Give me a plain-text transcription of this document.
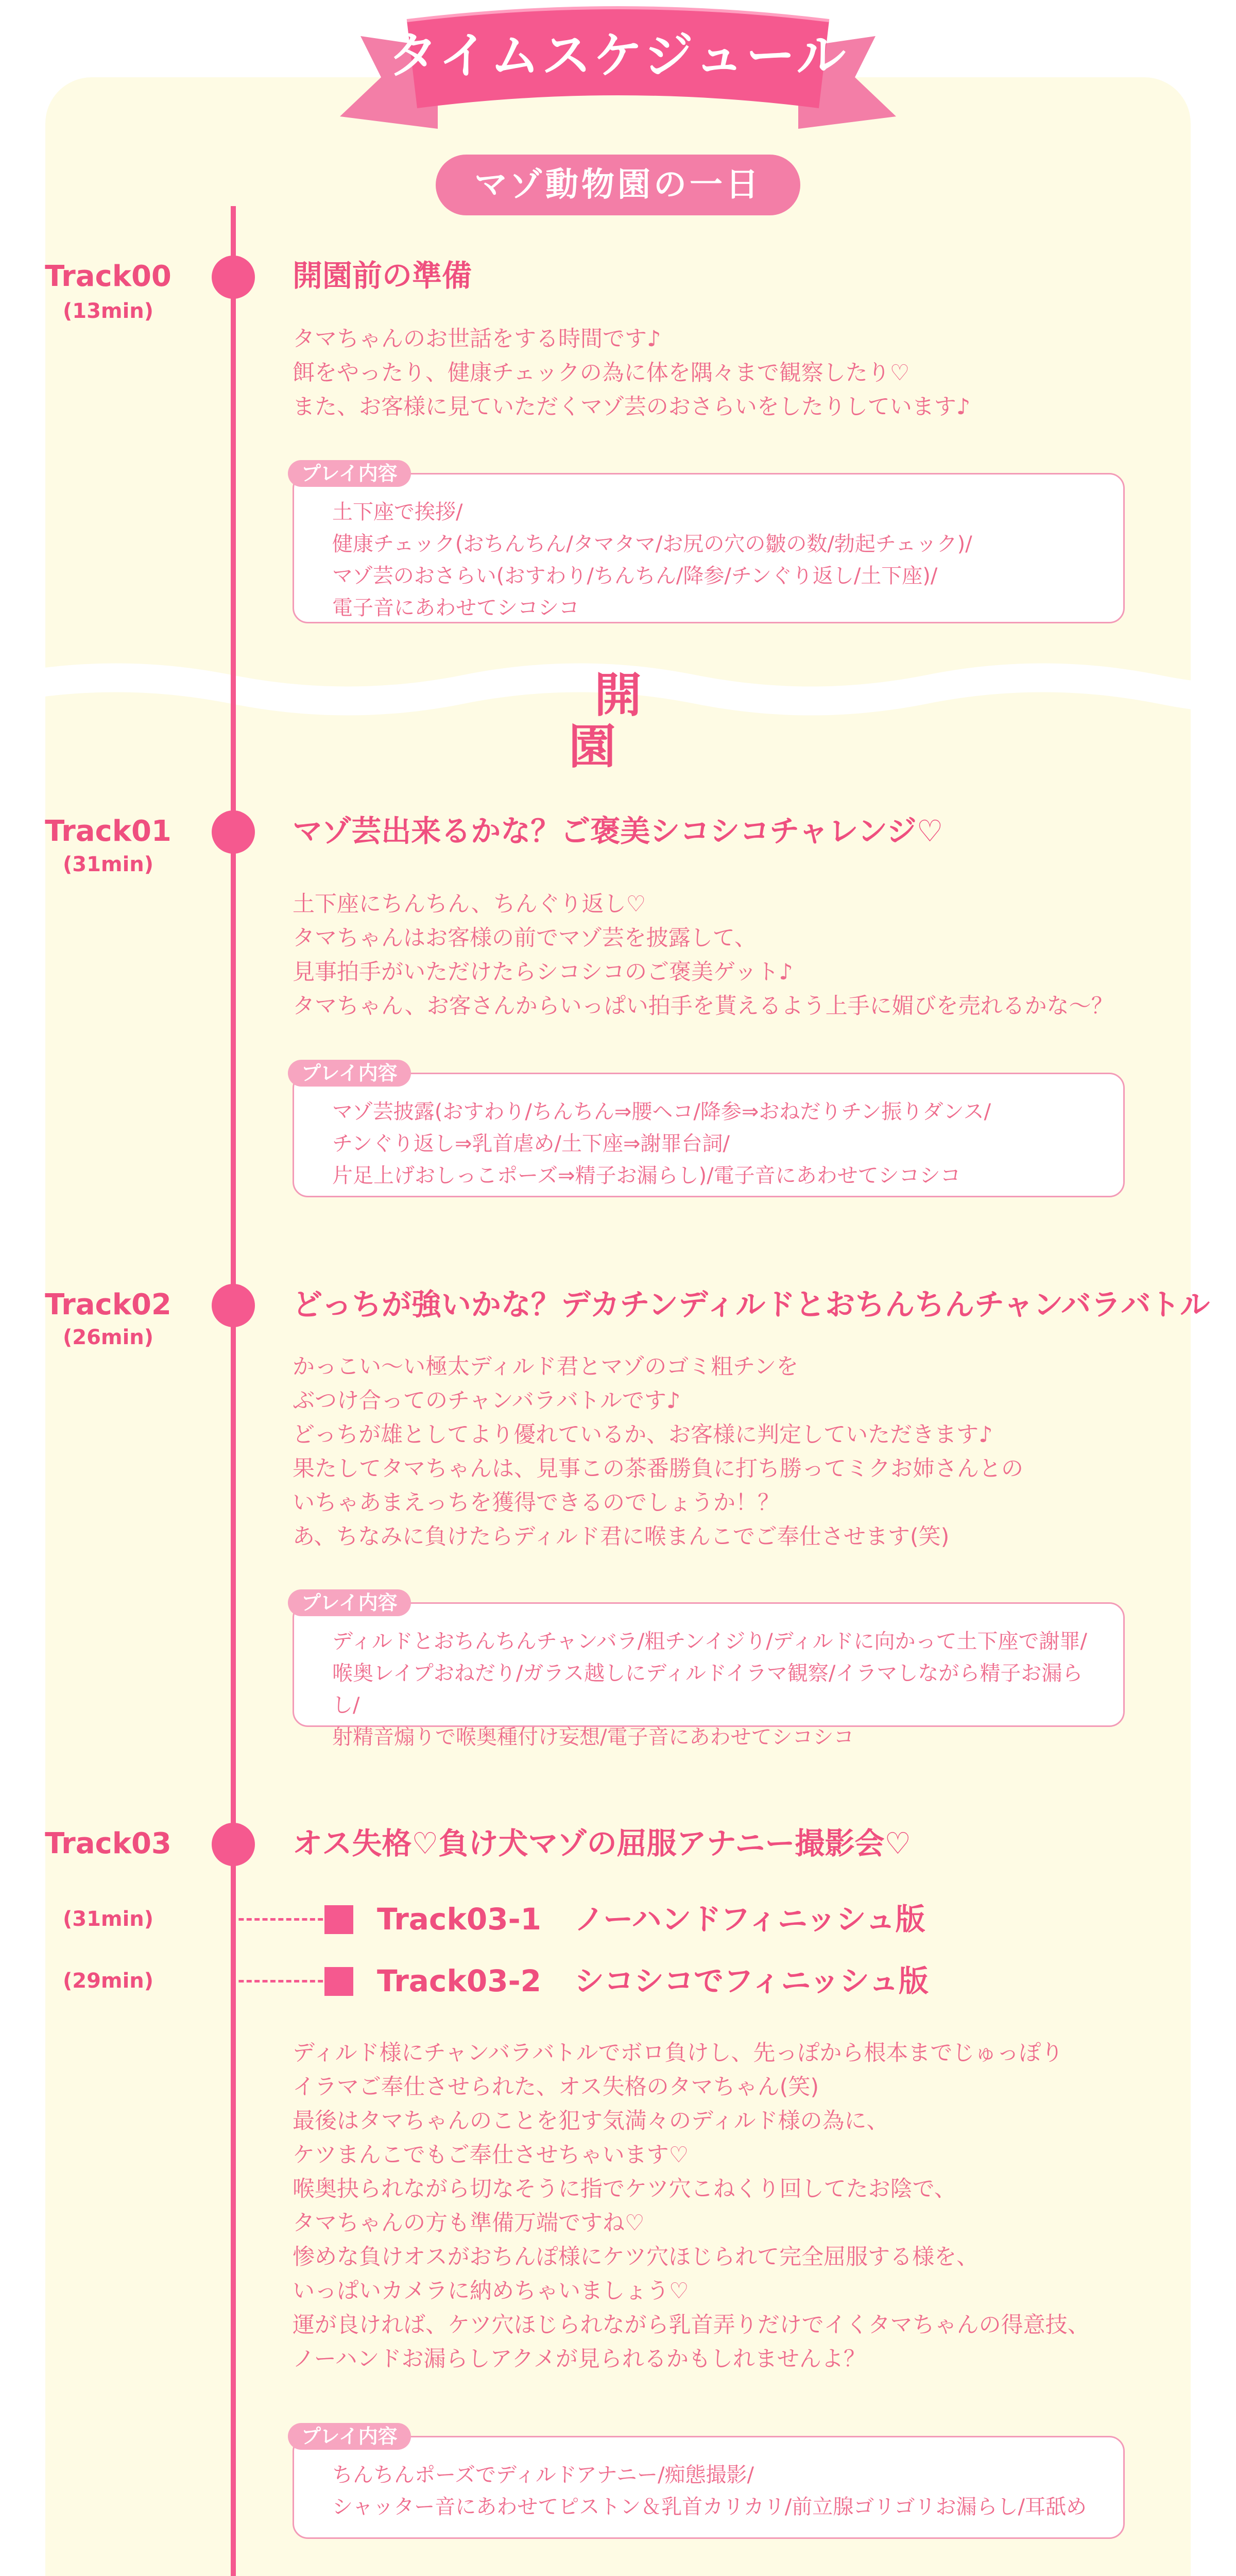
タイムスケジュール
マゾ動物園の一日
開園
Track00
(13min)
開園前の準備
タマちゃんのお世話をする時間です♪
餌をやったり、健康チェックの為に体を隅々まで観察したり♡
また、お客様に見ていただくマゾ芸のおさらいをしたりしています♪
プレイ内容
土下座で挨拶/
健康チェック(おちんちん/タマタマ/お尻の穴の皺の数/勃起チェック)/
マゾ芸のおさらい(おすわり/ちんちん/降参/チンぐり返し/土下座)/
電子音にあわせてシコシコ
Track01
(31min)
マゾ芸出来るかな？ご褒美シコシコチャレンジ♡
土下座にちんちん、ちんぐり返し♡
タマちゃんはお客様の前でマゾ芸を披露して、
見事拍手がいただけたらシコシコのご褒美ゲット♪
タマちゃん、お客さんからいっぱい拍手を貰えるよう上手に媚びを売れるかな～？
プレイ内容
マゾ芸披露(おすわり/ちんちん⇒腰ヘコ/降参⇒おねだりチン振りダンス/
チンぐり返し⇒乳首虐め/土下座⇒謝罪台詞/
片足上げおしっこポーズ⇒精子お漏らし)/電子音にあわせてシコシコ
Track02
(26min)
どっちが強いかな？デカチンディルドとおちんちんチャンバラバトル
かっこい～い極太ディルド君とマゾのゴミ粗チンを
ぶつけ合ってのチャンバラバトルです♪
どっちが雄としてより優れているか、お客様に判定していただきます♪
果たしてタマちゃんは、見事この茶番勝負に打ち勝ってミクお姉さんとの
いちゃあまえっちを獲得できるのでしょうか！？
あ、ちなみに負けたらディルド君に喉まんこでご奉仕させます(笑)
プレイ内容
ディルドとおちんちんチャンバラ/粗チンイジり/ディルドに向かって土下座で謝罪/
喉奥レイプおねだり/ガラス越しにディルドイラマ観察/イラマしながら精子お漏らし/
射精音煽りで喉奥種付け妄想/電子音にあわせてシコシコ
Track03	オス失格♡負け犬マゾの屈服アナニー撮影会♡
(31min)	Track03-1 ノーハンドフィニッシュ版
(29min)	Track03-2 シコシコでフィニッシュ版
ディルド様にチャンバラバトルでボロ負けし、先っぽから根本までじゅっぽり
イラマご奉仕させられた、オス失格のタマちゃん(笑)
最後はタマちゃんのことを犯す気満々のディルド様の為に、
ケツまんこでもご奉仕させちゃいます♡
喉奥抉られながら切なそうに指でケツ穴こねくり回してたお陰で、
タマちゃんの方も準備万端ですね♡
惨めな負けオスがおちんぽ様にケツ穴ほじられて完全屈服する様を、
いっぱいカメラに納めちゃいましょう♡
運が良ければ、ケツ穴ほじられながら乳首弄りだけでイくタマちゃんの得意技、
ノーハンドお漏らしアクメが見られるかもしれませんよ？
プレイ内容
ちんちんポーズでディルドアナニー/痴態撮影/
シャッター音にあわせてピストン＆乳首カリカリ/前立腺ゴリゴリお漏らし/耳舐め
